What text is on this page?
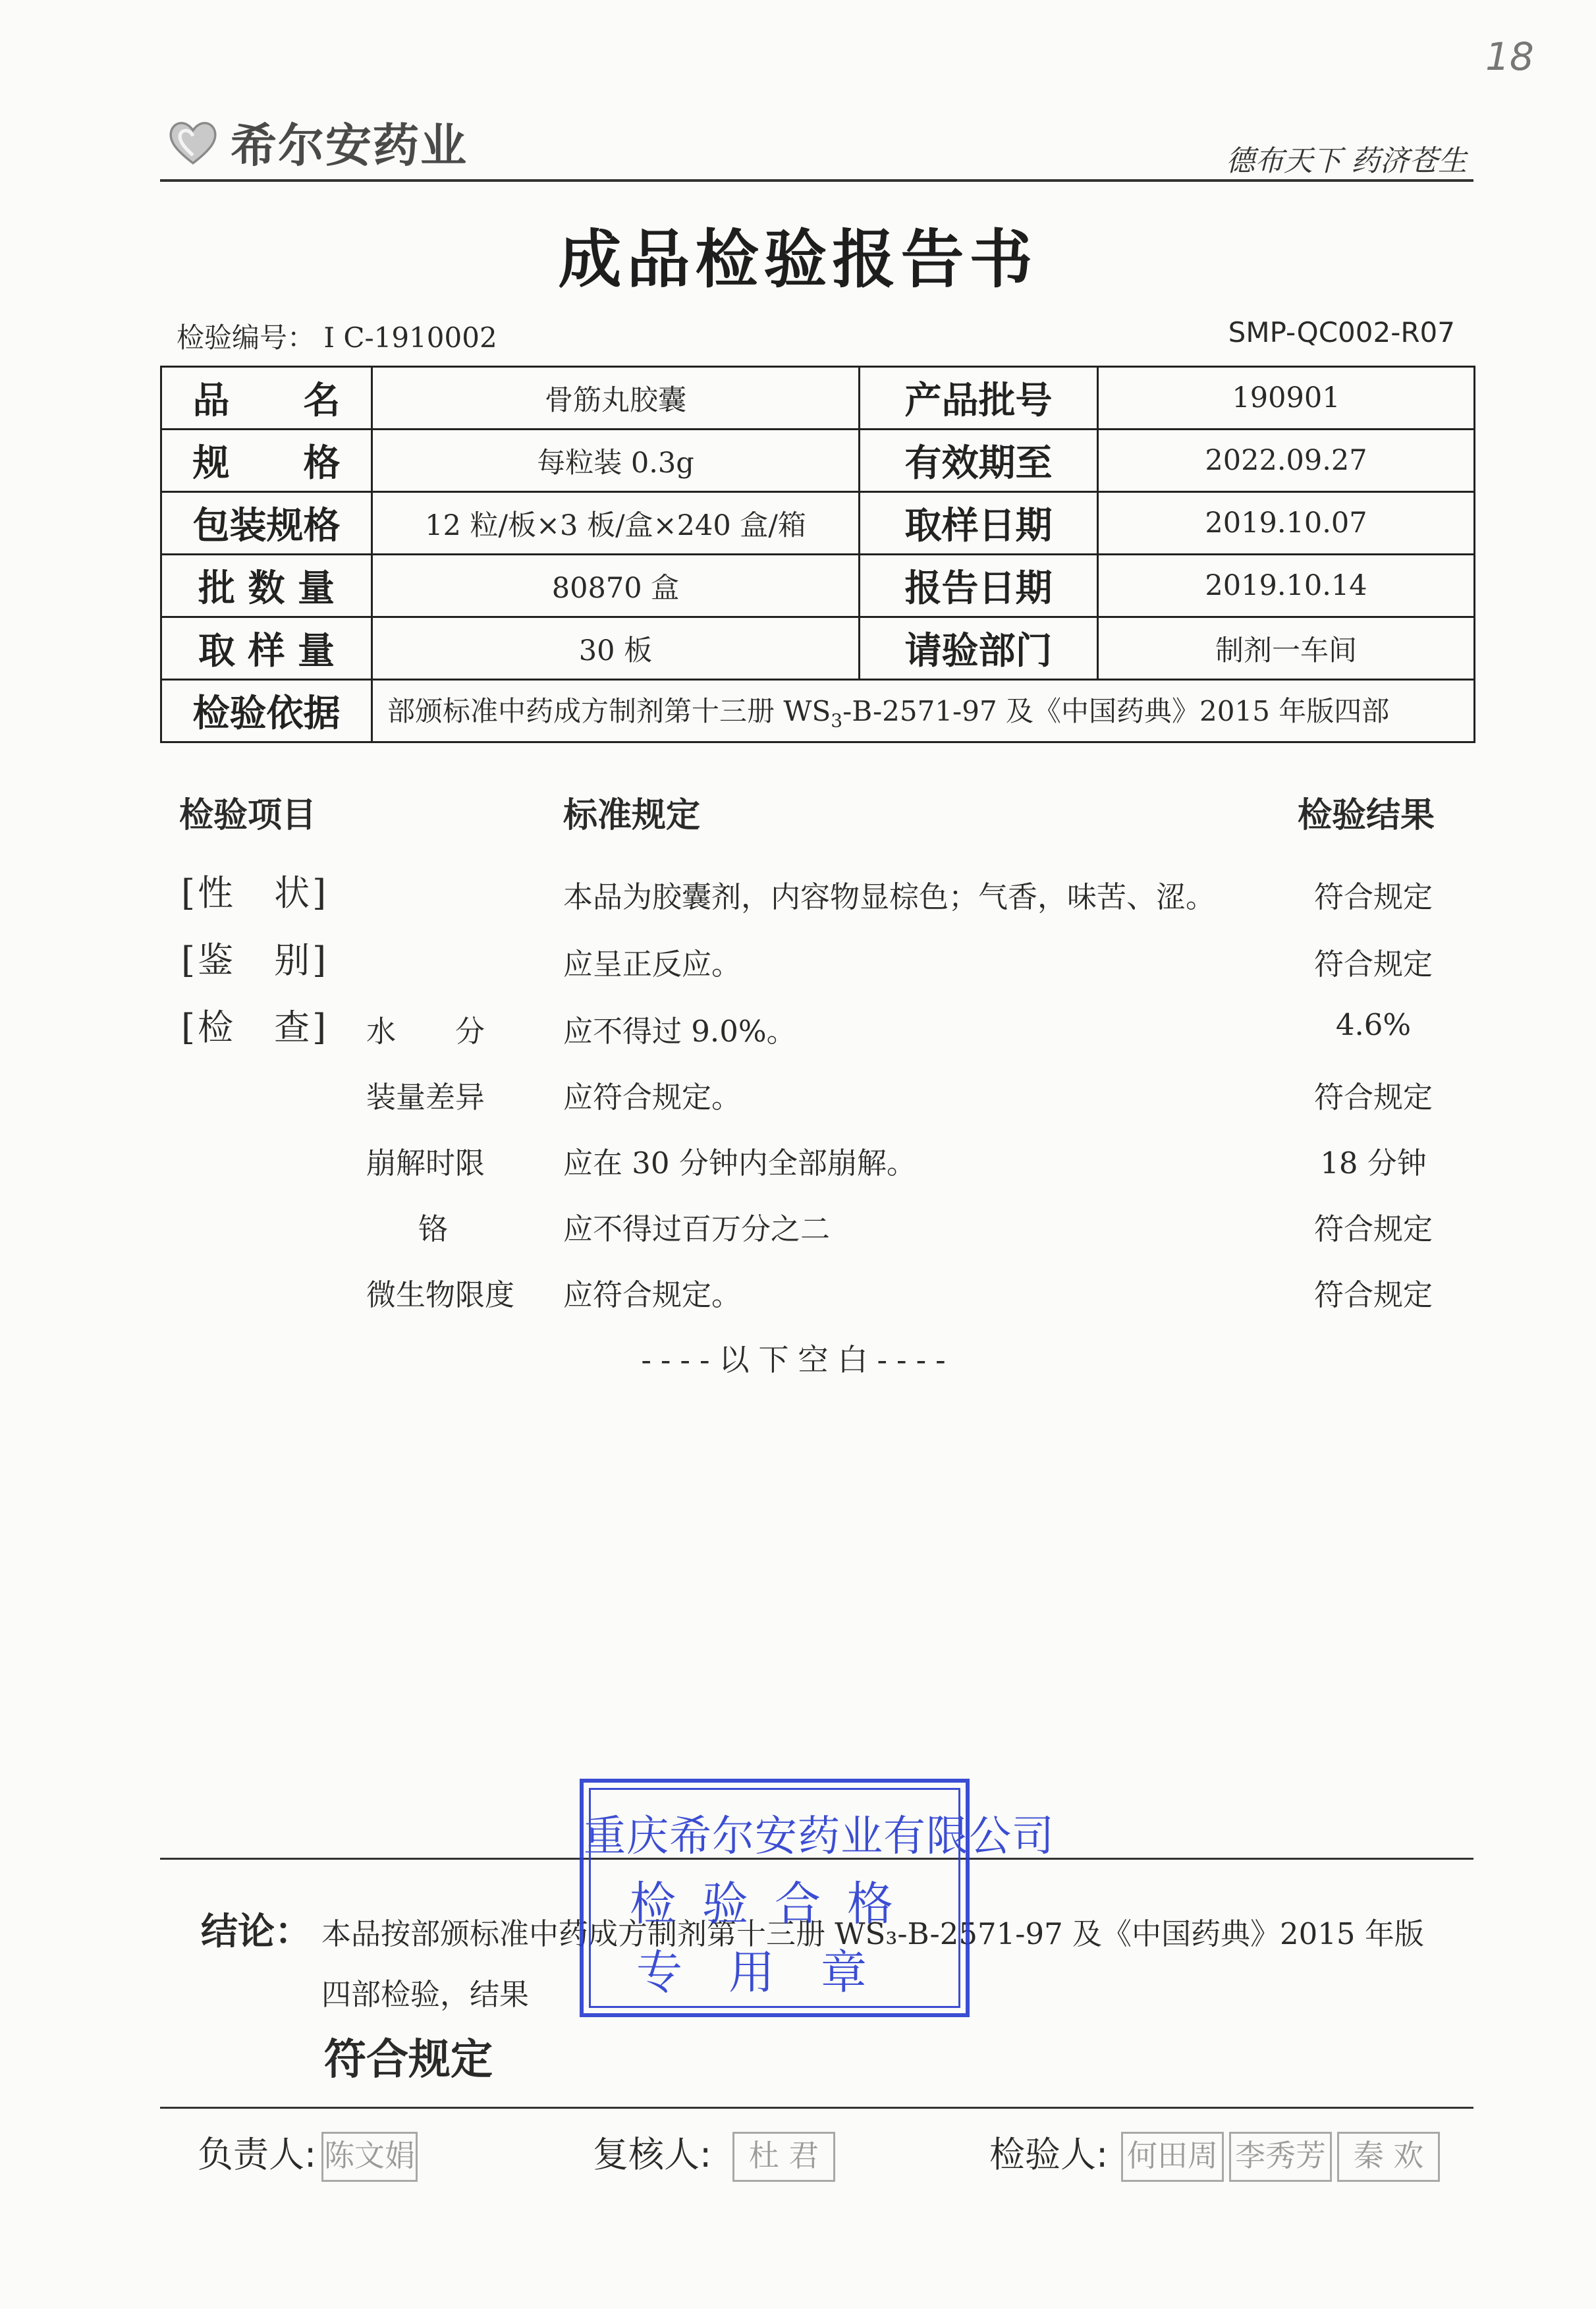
希尔安药业	德布天下 药济苍生
18
成品检验报告书
检验编号： I C-1910002	SMP-QC002-R07
品　　名	骨筋丸胶囊	产品批号	190901
规　　格	每粒装 0.3g	有效期至	2022.09.27
包装规格	12 粒/板×3 板/盒×240 盒/箱	取样日期	2019.10.07
批 数 量	80870 盒	报告日期	2019.10.14
取 样 量	30 板	请验部门	制剂一车间
检验依据	部颁标准中药成方制剂第十三册 $WS_3-B-2571-97$ 及《中国药典》2015 年版四部		
检验项目	标准规定	检验结果
[性　状]	本品为胶囊剂，内容物显棕色；气香，味苦、涩。	符合规定
[鉴　别]	应呈正反应。	符合规定
[检　查] 水　　分	应不得过 9.0%。	4.6%
装量差异	应符合规定。	符合规定
崩解时限	应在 30 分钟内全部崩解。	18 分钟
铬	应不得过百万分之二	符合规定
微生物限度 应符合规定。	符合规定
----以下空白----
结论： 本品按部颁标准中药成方制剂第十三册 WS₃-B-2571-97 及《中国药典》2015 年版
四部检验，结果
符合规定
重庆希尔安药业有限公司
检验合格
专用章
负责人: 陈文娟	复核人:	杜 君	检验人: 何田周 李秀芳 秦 欢
